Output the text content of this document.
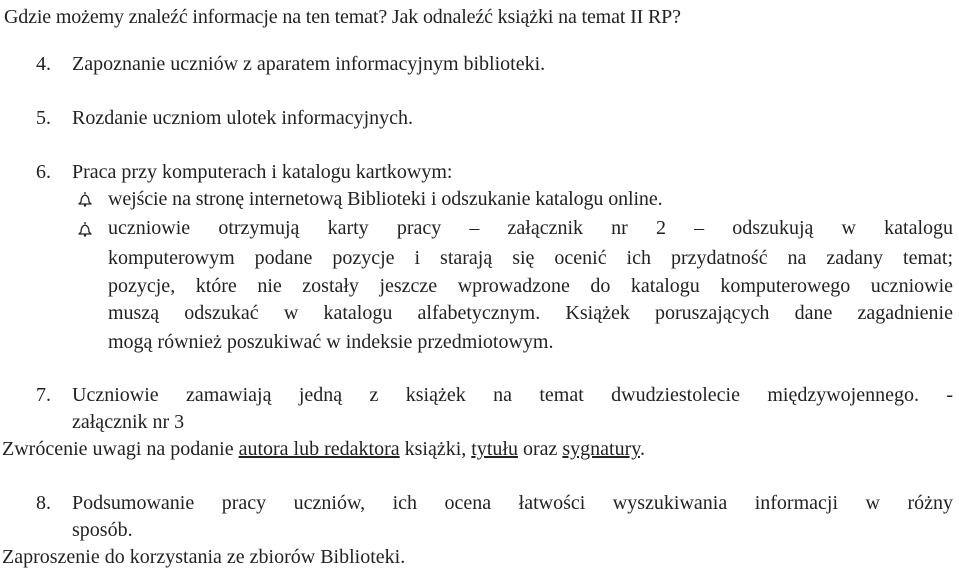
Gdzie możemy znaleźć informacje na ten temat? Jak odnaleźć książki na temat II RP?
4. Zapoznanie uczniów z aparatem informacyjnym biblioteki.
5. Rozdanie uczniom ulotek informacyjnych.
6. Praca przy komputerach i katalogu kartkowym:
wejście na stronę internetową Biblioteki i odszukanie katalogu online.
uczniowie otrzymują karty pracy – załącznik nr 2 – odszukują w katalogu
komputerowym podane pozycje i starają się ocenić ich przydatność na zadany temat;
pozycje, które nie zostały jeszcze wprowadzone do katalogu komputerowego uczniowie
muszą odszukać w katalogu alfabetycznym. Książek poruszających dane zagadnienie
mogą również poszukiwać w indeksie przedmiotowym.
7. Uczniowie zamawiają jedną z książek na temat dwudziestolecie międzywojennego. -
załącznik nr 3
Zwrócenie uwagi na podanie autora lub redaktora książki, tytułu oraz sygnatury.
8. Podsumowanie pracy uczniów, ich ocena łatwości wyszukiwania informacji w różny
sposób.
Zaproszenie do korzystania ze zbiorów Biblioteki.
